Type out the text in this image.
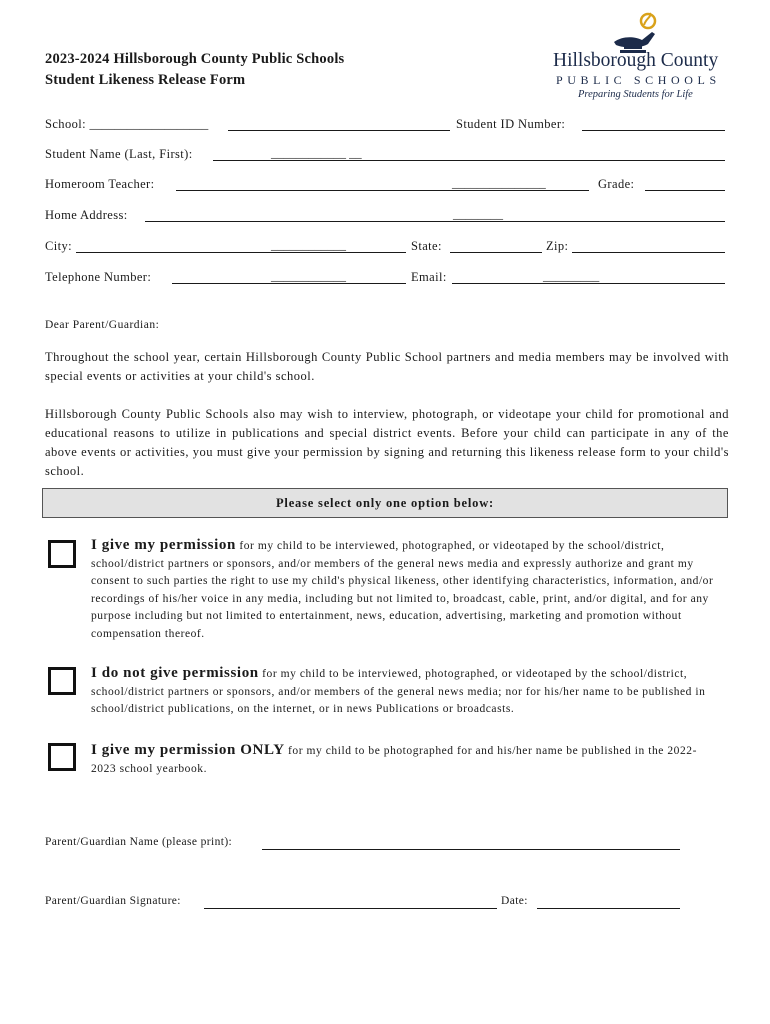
2023-2024 Hillsborough County Public Schools
Student Likeness Release Form
Hillsborough County
PUBLIC SCHOOLS
Preparing Students for Life
School: ___________________	Student ID Number:
Student Name (Last, First):	____________ __
Homeroom Teacher:	_______________	Grade:
Home Address:	________
City:	____________	State:	Zip:
Telephone Number:	____________	Email:	_________
Dear Parent/Guardian:
Throughout the school year, certain Hillsborough County Public School partners and media members may be involved with special events or activities at your child's school.
Hillsborough County Public Schools also may wish to interview, photograph, or videotape your child for promotional and educational reasons to utilize in publications and special district events. Before your child can participate in any of the above events or activities, you must give your permission by signing and returning this likeness release form to your child's school.
Please select only one option below:
I give my permission for my child to be interviewed, photographed, or videotaped by the school/district, school/district partners or sponsors, and/or members of the general news media and expressly authorize and grant my consent to such parties the right to use my child's physical likeness, other identifying characteristics, information, and/or recordings of his/her voice in any media, including but not limited to, broadcast, cable, print, and/or digital, and for any purpose including but not limited to entertainment, news, education, advertising, marketing and promotion without compensation thereof.
I do not give permission for my child to be interviewed, photographed, or videotaped by the school/district, school/district partners or sponsors, and/or members of the general news media; nor for his/her name to be published in school/district publications, on the internet, or in news Publications or broadcasts.
I give my permission ONLY for my child to be photographed for and his/her name be published in the 2022-2023 school yearbook.
Parent/Guardian Name (please print):
Parent/Guardian Signature:	Date:
